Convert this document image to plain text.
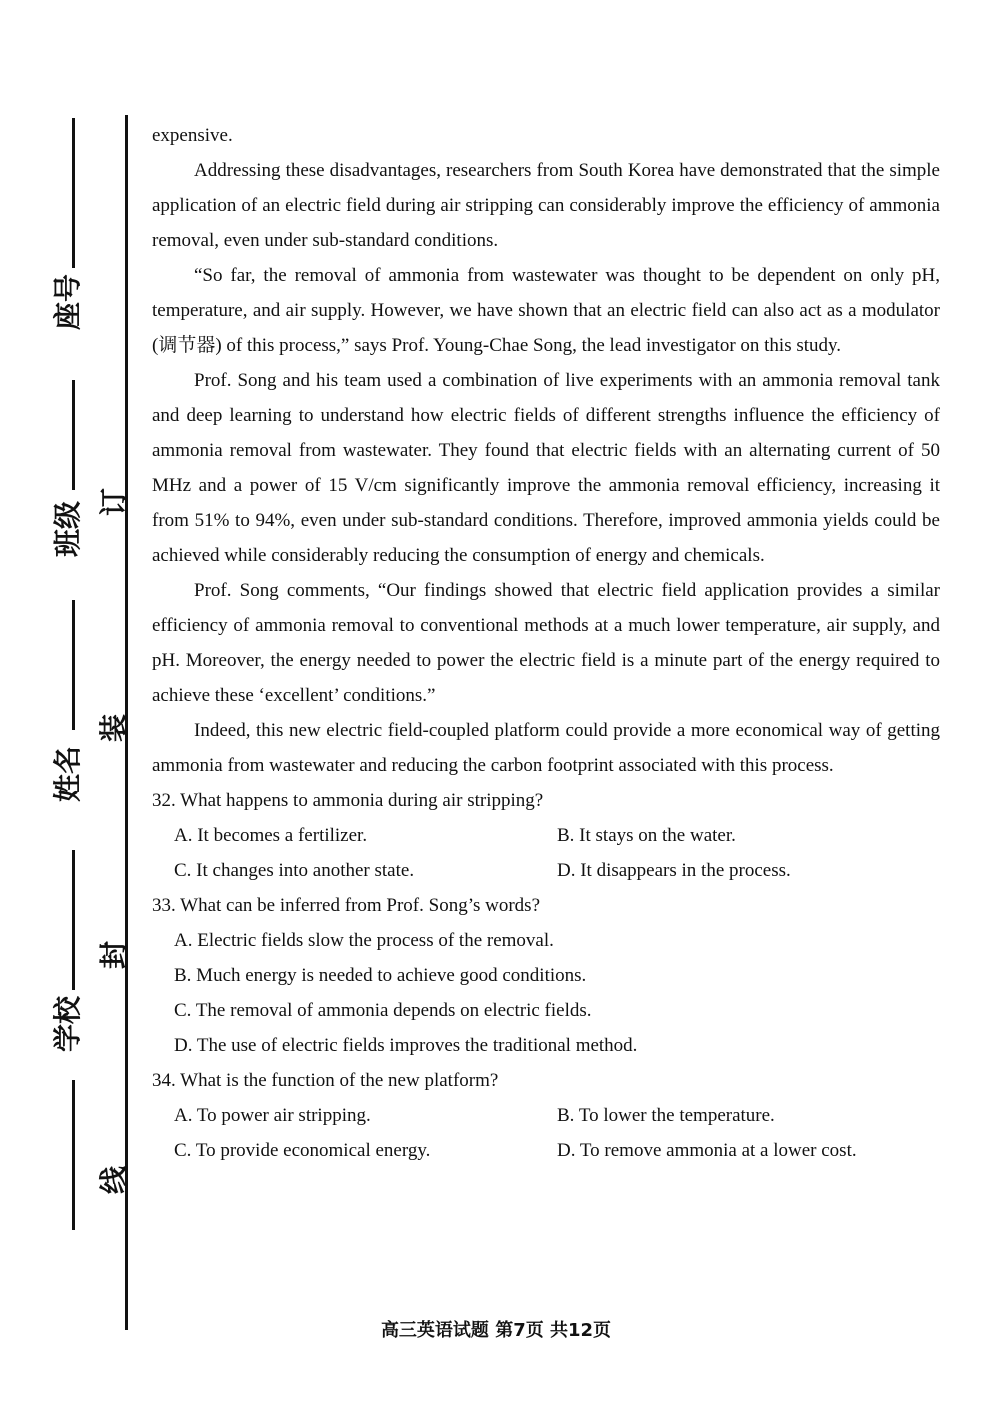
订
装
封
线
座号
班级
姓名
学校

expensive.

Addressing these disadvantages, researchers from South Korea have demonstrated that the simple application of an electric field during air stripping can considerably improve the efficiency of ammonia removal, even under sub-standard conditions.

“So far, the removal of ammonia from wastewater was thought to be dependent on only pH, temperature, and air supply. However, we have shown that an electric field can also act as a modulator (调节器) of this process,” says Prof. Young-Chae Song, the lead investigator on this study.

Prof. Song and his team used a combination of live experiments with an ammonia removal tank and deep learning to understand how electric fields of different strengths influence the efficiency of ammonia removal from wastewater. They found that electric fields with an alternating current of 50 MHz and a power of 15 V/cm significantly improve the ammonia removal efficiency, increasing it from 51% to 94%, even under sub-standard conditions. Therefore, improved ammonia yields could be achieved while considerably reducing the consumption of energy and chemicals.

Prof. Song comments, “Our findings showed that electric field application provides a similar efficiency of ammonia removal to conventional methods at a much lower temperature, air supply, and pH. Moreover, the energy needed to power the electric field is a minute part of the energy required to achieve these ‘excellent’ conditions.”

Indeed, this new electric field-coupled platform could provide a more economical way of getting ammonia from wastewater and reducing the carbon footprint associated with this process.

32. What happens to ammonia during air stripping?

A. It becomes a fertilizer.	B. It stays on the water.
C. It changes into another state.	D. It disappears in the process.

33. What can be inferred from Prof. Song’s words?

A. Electric fields slow the process of the removal.
B. Much energy is needed to achieve good conditions.
C. The removal of ammonia depends on electric fields.
D. The use of electric fields improves the traditional method.

34. What is the function of the new platform?

A. To power air stripping.	B. To lower the temperature.
C. To provide economical energy.	D. To remove ammonia at a lower cost.
高三英语试题 第7页 共12页
